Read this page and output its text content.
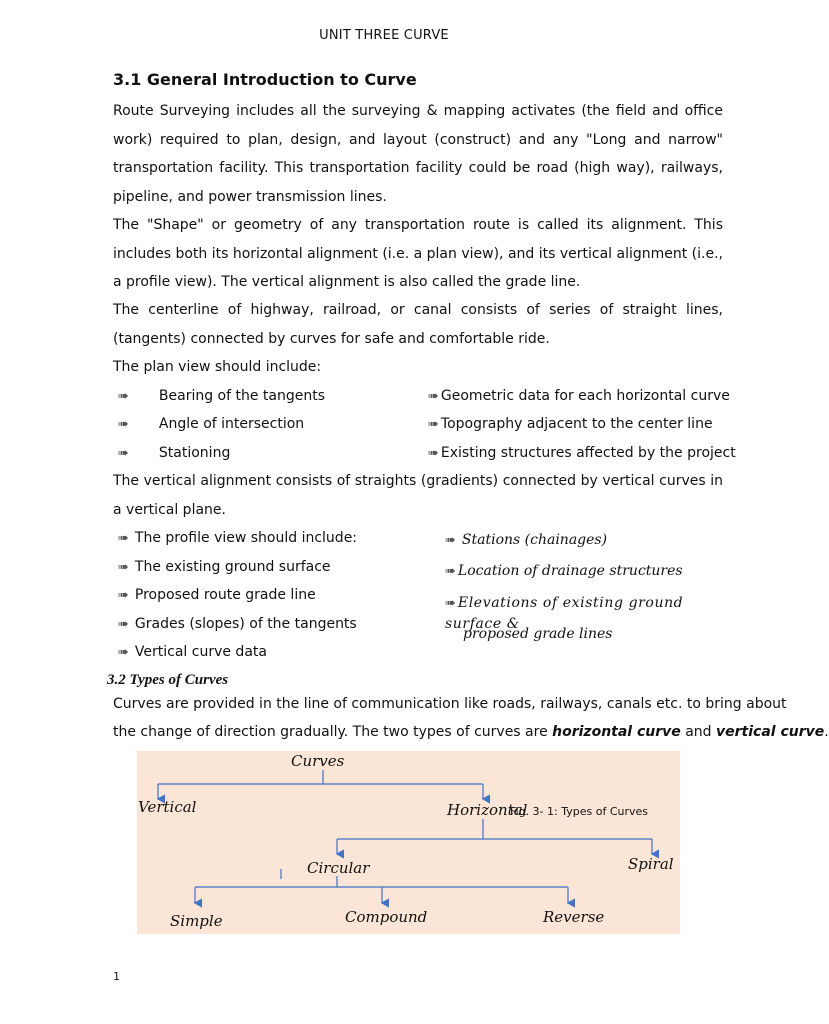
UNIT THREE CURVE
3.1 General Introduction to Curve
Route Surveying includes all the surveying & mapping activates (the field and office work) required to plan, design, and layout (construct) and any "Long and narrow" transportation facility. This transportation facility could be road (high way), railways, pipeline, and power transmission lines.
The "Shape" or geometry of any transportation route is called its alignment. This includes both its horizontal alignment (i.e. a plan view), and its vertical alignment (i.e., a profile view). The vertical alignment is also called the grade line.
The centerline of highway, railroad, or canal consists of series of straight lines, (tangents) connected by curves for safe and comfortable ride.
The plan view should include:
➠ Bearing of the tangents
➠ Angle of intersection
➠ Stationing
➠ Geometric data for each horizontal curve
➠ Topography adjacent to the center line
➠ Existing structures affected by the project
The vertical alignment consists of straights (gradients) connected by vertical curves in a vertical plane.
➠ The profile view should include:
➠ The existing ground surface
➠ Proposed route grade line
➠ Grades (slopes) of the tangents
➠ Vertical curve data
➠ Stations (chainages)
➠ Location of drainage structures
➠ Elevations of existing ground surface &
proposed grade lines
3.2 Types of Curves
Curves are provided in the line of communication like roads, railways, canals etc. to bring about
the change of direction gradually. The two types of curves are horizontal curve and vertical curve.
Curves
Vertical	Horizontal
Fig. 3- 1: Types of Curves
Circular	Spiral
Simple	Compound	Reverse
1
